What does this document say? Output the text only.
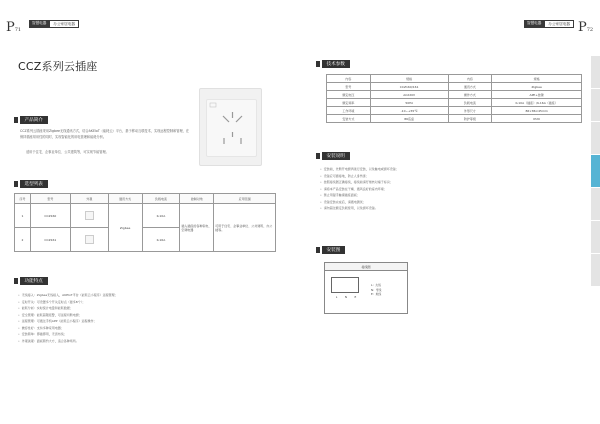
P71
智慧电器	办公家居电器	智慧电器	办公家居电器 P72
CCZ系列云插座
产品简介
CCZ系列云插座采用Zigbee无线通讯方式，结合AKEIoT（能耗云）平台，基于移动互联技术，实现远程控制和管理，在保持插座易用性的同时，实现智能化的用电管理和能耗分析。
适用于住宅、企事业单位、公共建筑等，可实现节能管理。
选型列表
序号	型号	外观	通讯方式	负载电流	控制对象	应用范围
1	CCZ160		Zigbee	K-10A	插入插座的各种家电、空调电器	可用于住宅、企事业单位、公共建筑、办公楼等。
2	CCZ161			K-16A		
功能特点
• 无线接入：Zigbee无线接入，AKEIoT平台（能耗云小程序）远程管理；
• 定时开关：可设置多个开关定时点（最多8个）；
• 能耗分析：实时统计电量和能耗数据；
• 安全管理：能耗超限报警，可远程切断电源；
• 远程管理：可通过手机APP（能耗云小程序）远程操作；
• 兼容性好：支持多种家用电器；
• 安装简单：即插即用，无需布线；
• 外观美观：面板简约大方，适合各种场所。
技术参数
内容	规格	内容	规格
型号	CCZ160/161	通讯方式	Zigbee
额定电压	AC220V	操作方式	APP+按键
额定频率	50Hz	负载电流	K-10A（插座）/K-16A（插座）
工作环境	-10~+55℃	外形尺寸	86×86×45mm
安装方式	86底盒	防护等级	IP20
安装说明
• 安装前，先断开电源再进行安装，以免触电或损坏设备；
• 设备应可靠接地，防止人身伤害；
• 按照接线图正确接线，接线前请仔细核对端子标识；
• 请将本产品安装在干燥、通风良好的室内环境；
• 禁止用湿手触摸插座面板；
• 设备安装完成后，请通电测试；
• 请勿超过额定负载使用，以免损坏设备。
安装图
接线图
L	N	E
L：火线
N：零线
E：地线
